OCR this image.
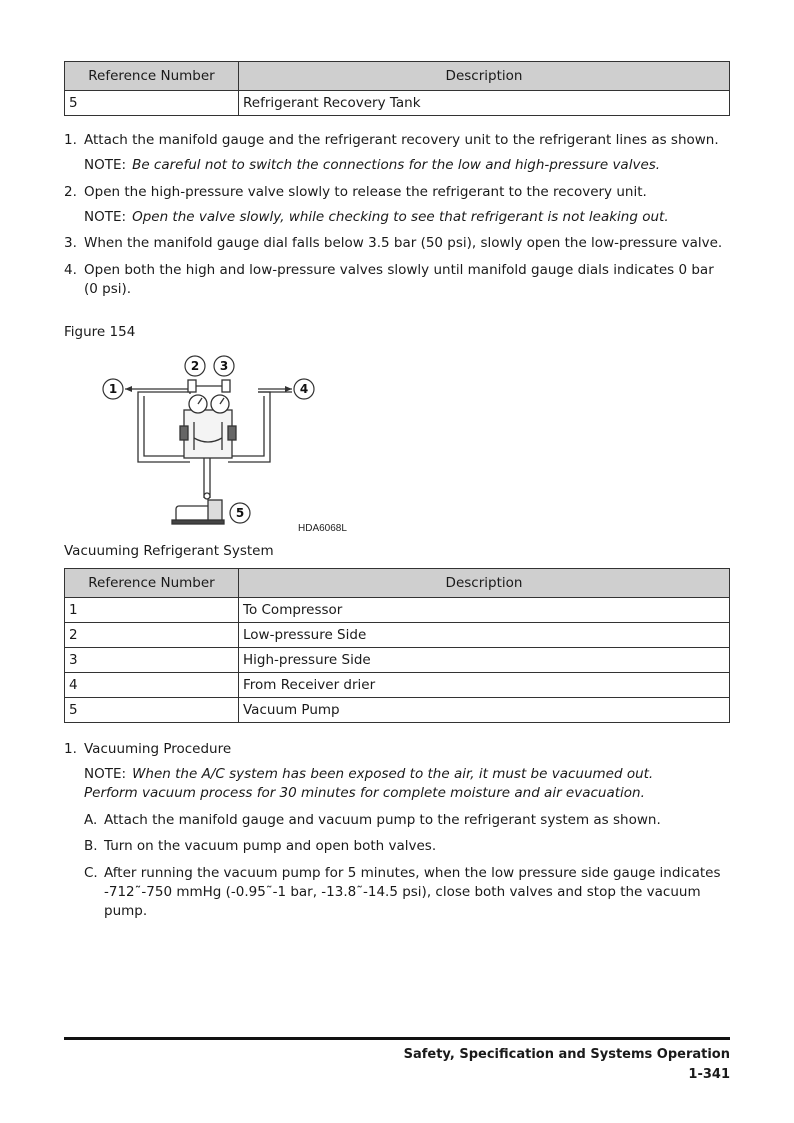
Reference Number	Description
5	Refrigerant Recovery Tank
1. Attach the manifold gauge and the refrigerant recovery unit to the refrigerant lines as shown.
NOTE: Be careful not to switch the connections for the low and high-pressure valves.
2. Open the high-pressure valve slowly to release the refrigerant to the recovery unit.
NOTE: Open the valve slowly, while checking to see that refrigerant is not leaking out.
3. When the manifold gauge dial falls below 3.5 bar (50 psi), slowly open the low-pressure valve.
4. Open both the high and low-pressure valves slowly until manifold gauge dials indicates 0 bar (0 psi).
Figure 154
1
2 3
4
5
HDA6068L
Vacuuming Refrigerant System
Reference Number	Description
1	To Compressor
2	Low-pressure Side
3	High-pressure Side
4	From Receiver drier
5	Vacuum Pump
1. Vacuuming Procedure
NOTE: When the A/C system has been exposed to the air, it must be vacuumed out. Perform vacuum process for 30 minutes for complete moisture and air evacuation.
A. Attach the manifold gauge and vacuum pump to the refrigerant system as shown.
B. Turn on the vacuum pump and open both valves.
C. After running the vacuum pump for 5 minutes, when the low pressure side gauge indicates -712˜-750 mmHg (-0.95˜-1 bar, -13.8˜-14.5 psi), close both valves and stop the vacuum pump.
Safety, Specification and Systems Operation
1-341
